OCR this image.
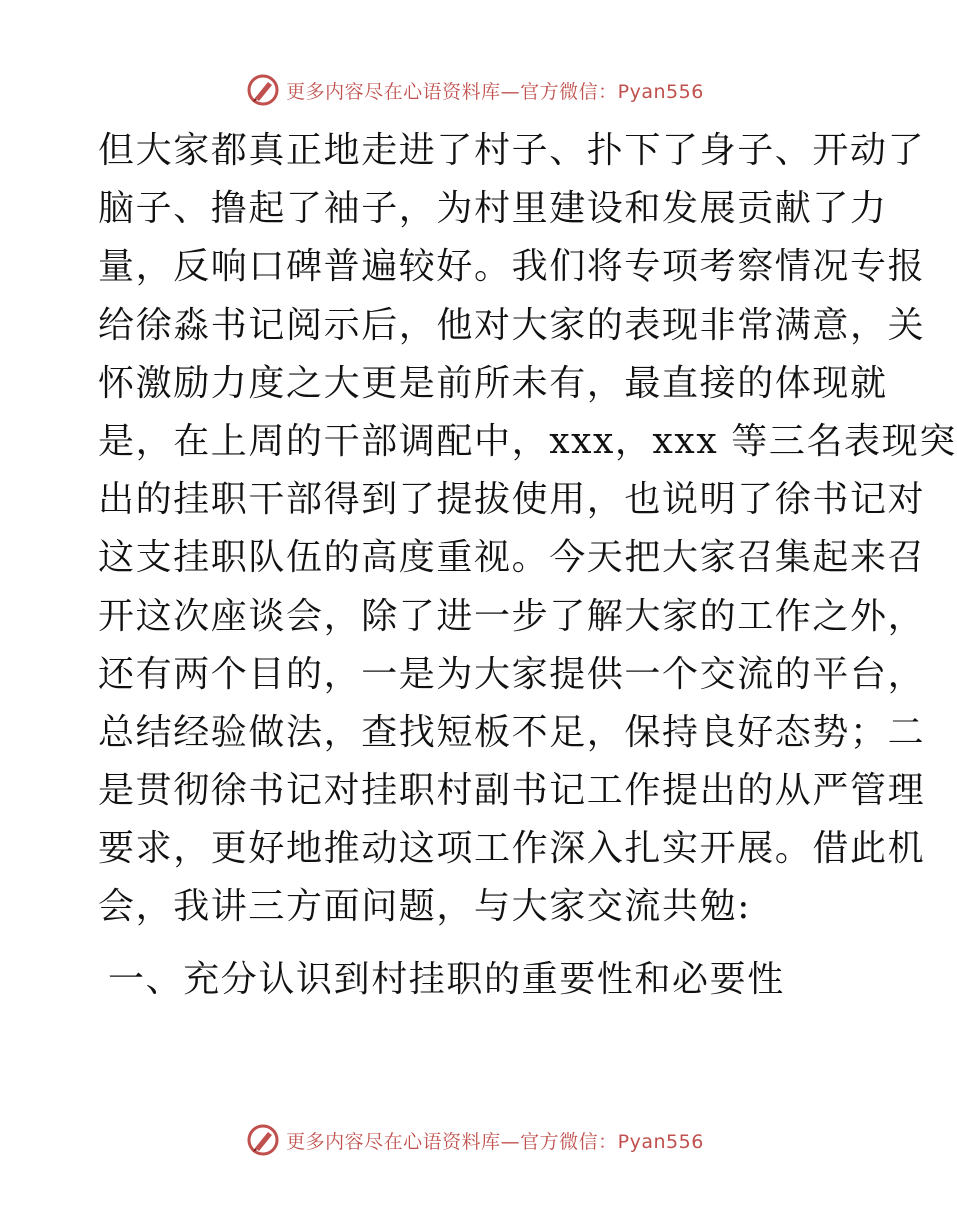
更多内容尽在心语资料库—官方微信：Pyan556
但大家都真正地走进了村子、扑下了身子、开动了
脑子、撸起了袖子，为村里建设和发展贡献了力
量，反响口碑普遍较好。我们将专项考察情况专报
给徐淼书记阅示后，他对大家的表现非常满意，关
怀激励力度之大更是前所未有，最直接的体现就
是，在上周的干部调配中，xxx，xxx 等三名表现突
出的挂职干部得到了提拔使用，也说明了徐书记对
这支挂职队伍的高度重视。今天把大家召集起来召
开这次座谈会，除了进一步了解大家的工作之外，
还有两个目的，一是为大家提供一个交流的平台，
总结经验做法，查找短板不足，保持良好态势；二
是贯彻徐书记对挂职村副书记工作提出的从严管理
要求，更好地推动这项工作深入扎实开展。借此机
会，我讲三方面问题，与大家交流共勉:
一、充分认识到村挂职的重要性和必要性
更多内容尽在心语资料库—官方微信：Pyan556
